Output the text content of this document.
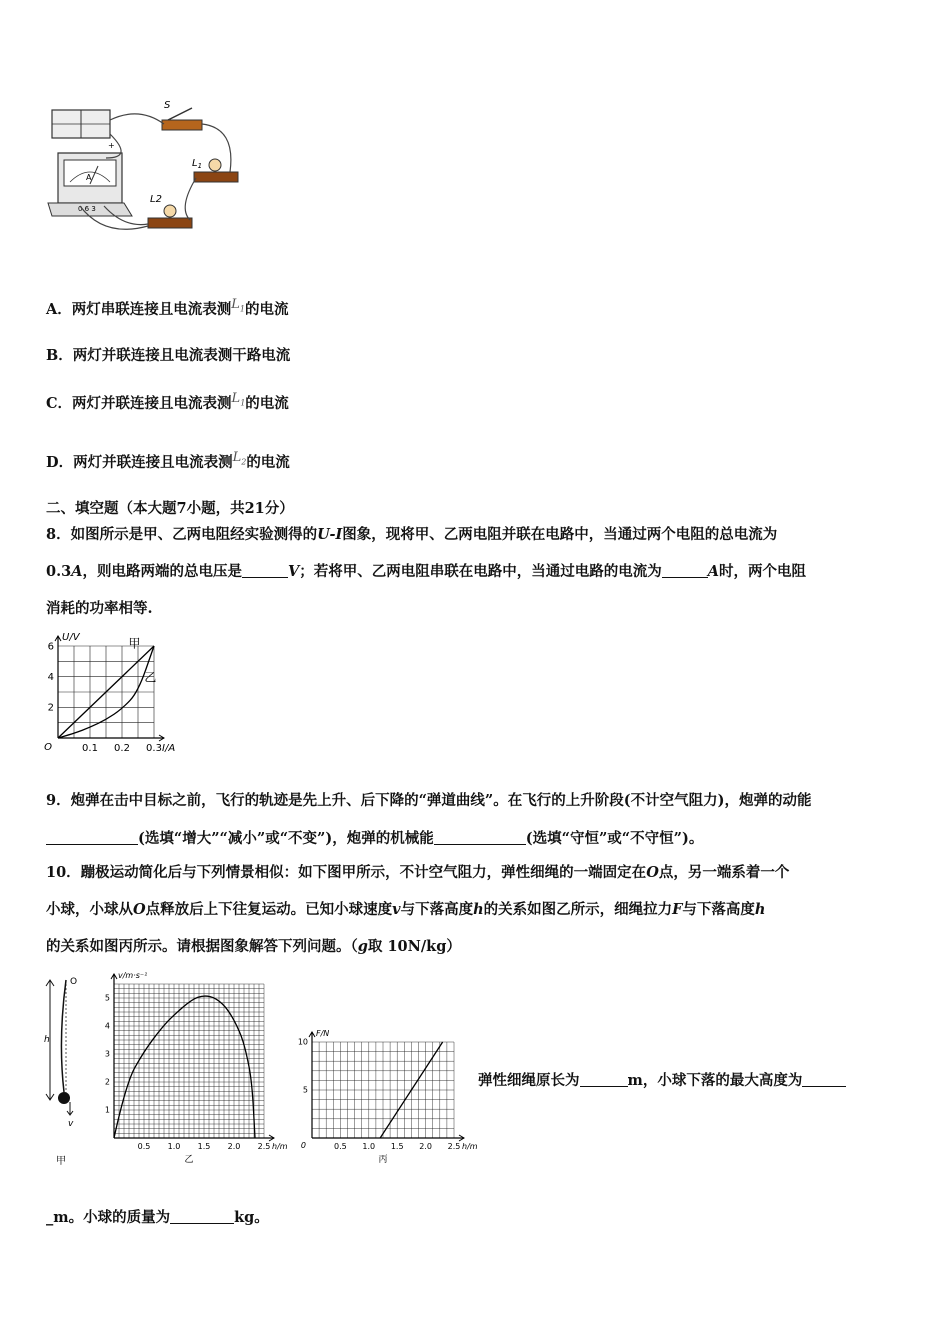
A
0.6 3
+
S
$L_1$
L2
A．两灯串联连接且电流表测$^{L_1}$的电流
B．两灯并联连接且电流表测干路电流
C．两灯并联连接且电流表测$^{L_1}$的电流
D．两灯并联连接且电流表测$^{L_2}$的电流
二、填空题（本大题7小题，共21分）
8．如图所示是甲、乙两电阻经实验测得的U-I图象，现将甲、乙两电阻并联在电路中，当通过两个电阻的总电流为
0.3A，则电路两端的总电压是	V；若将甲、乙两电阻串联在电路中，当通过电路的电流为	A时，两个电阻
消耗的功率相等.
0.1 0.2 0.3
2
4
6
O
U/V
I/A
甲
乙
9．炮弹在击中目标之前，飞行的轨迹是先上升、后下降的“弹道曲线”。在飞行的上升阶段(不计空气阻力)，炮弹的动能
(选填“增大”“减小”或“不变”)，炮弹的机械能	(选填“守恒”或“不守恒”)。
10．蹦极运动简化后与下列情景相似：如下图甲所示，不计空气阻力，弹性细绳的一端固定在O点，另一端系着一个
小球，小球从O点释放后上下往复运动。已知小球速度v与下落高度h的关系如图乙所示，细绳拉力F与下落高度h
的关系如图丙所示。请根据图象解答下列问题。（g取 10N/kg）
h
O
v
甲
0.5 1.0 1.5 2.0 2.5
1
2
3
4
5
v/m·s⁻¹
h/m
乙
0.5 1.0 1.5 2.0 2.5
5
10
0
F/N
h/m
丙
弹性细绳原长为	m，小球下落的最大高度为
_m。小球的质量为	kg。
